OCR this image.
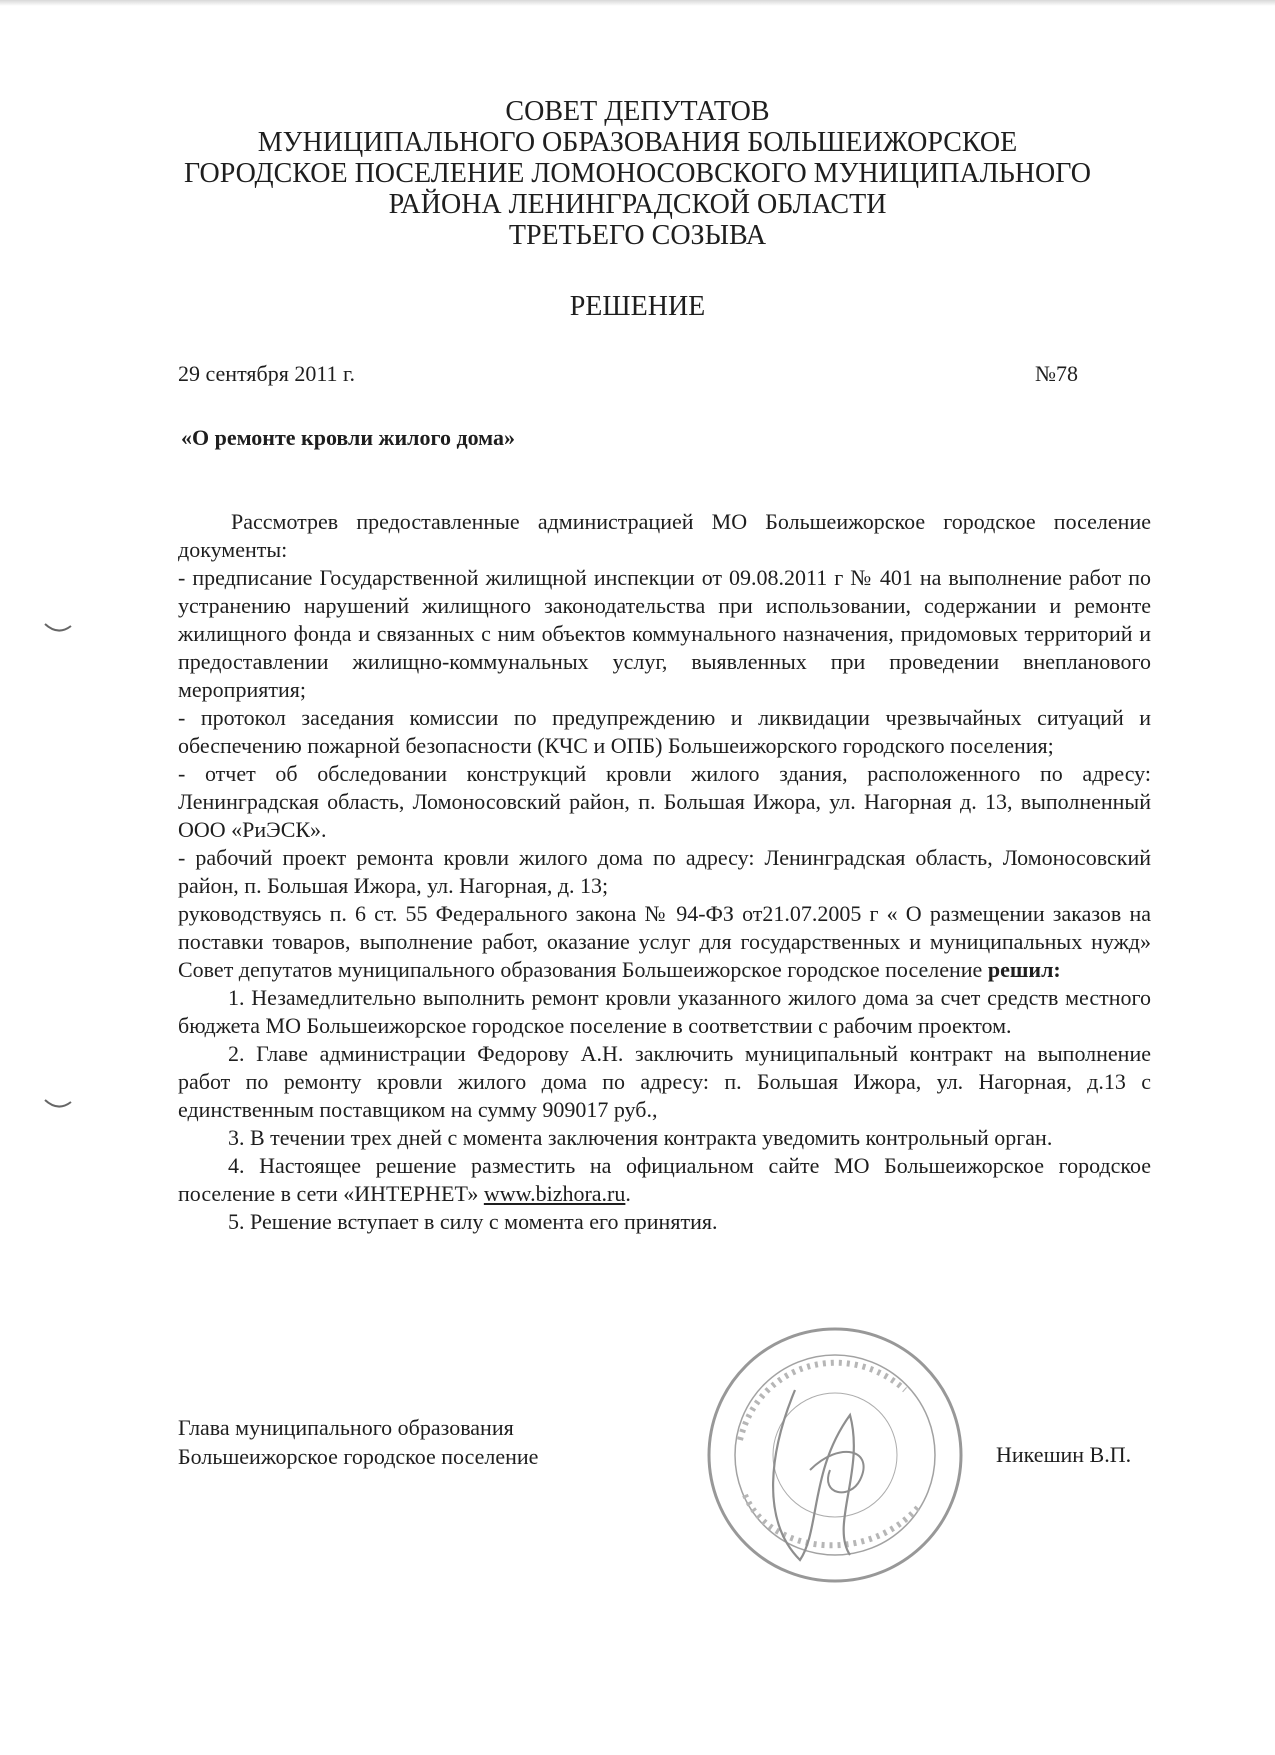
СОВЕТ ДЕПУТАТОВ
МУНИЦИПАЛЬНОГО ОБРАЗОВАНИЯ БОЛЬШЕИЖОРСКОЕ
ГОРОДСКОЕ ПОСЕЛЕНИЕ ЛОМОНОСОВСКОГО МУНИЦИПАЛЬНОГО
РАЙОНА ЛЕНИНГРАДСКОЙ ОБЛАСТИ
ТРЕТЬЕГО СОЗЫВА
РЕШЕНИЕ
29 сентября 2011 г.	№78
«О ремонте кровли жилого дома»

Рассмотрев предоставленные администрацией МО Большеижорское городское поселение документы:

- предписание Государственной жилищной инспекции от 09.08.2011 г № 401 на выполнение работ по устранению нарушений жилищного законодательства при использовании, содержании и ремонте жилищного фонда и связанных с ним объектов коммунального назначения, придомовых территорий и предоставлении жилищно-коммунальных услуг, выявленных при проведении внепланового мероприятия;

- протокол заседания комиссии по предупреждению и ликвидации чрезвычайных ситуаций и обеспечению пожарной безопасности (КЧС и ОПБ) Большеижорского городского поселения;

- отчет об обследовании конструкций кровли жилого здания, расположенного по адресу: Ленинградская область, Ломоносовский район, п. Большая Ижора, ул. Нагорная д. 13, выполненный ООО «РиЭСК».

- рабочий проект ремонта кровли жилого дома по адресу: Ленинградская область, Ломоносовский район, п. Большая Ижора, ул. Нагорная, д. 13;

руководствуясь п. 6 ст. 55 Федерального закона № 94-ФЗ от21.07.2005 г « О размещении заказов на поставки товаров, выполнение работ, оказание услуг для государственных и муниципальных нужд» Совет депутатов муниципального образования Большеижорское городское поселение решил:

1. Незамедлительно выполнить ремонт кровли указанного жилого дома за счет средств местного бюджета МО Большеижорское городское поселение в соответствии с рабочим проектом.

2. Главе администрации Федорову А.Н. заключить муниципальный контракт на выполнение работ по ремонту кровли жилого дома по адресу: п. Большая Ижора, ул. Нагорная, д.13 с единственным поставщиком на сумму 909017 руб.,

3. В течении трех дней с момента заключения контракта уведомить контрольный орган.

4. Настоящее решение разместить на официальном сайте МО Большеижорское городское поселение в сети «ИНТЕРНЕТ» www.bizhora.ru.

5. Решение вступает в силу с момента его принятия.

Глава муниципального образования
Большеижорское городское поселение	Никешин В.П.
